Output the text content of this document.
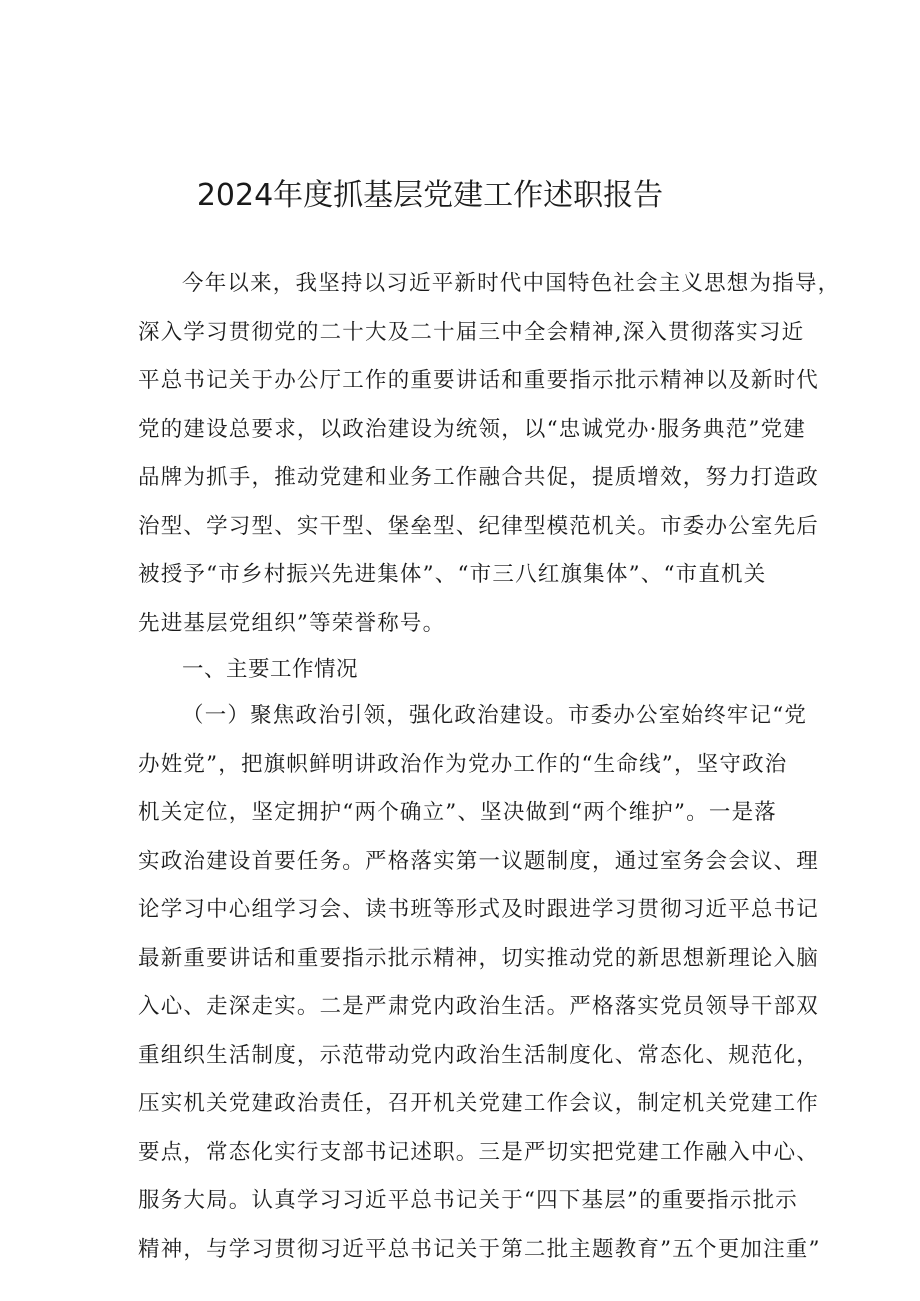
2024年度抓基层党建工作述职报告
今年以来，我坚持以习近平新时代中国特色社会主义思想为指导，
深入学习贯彻党的二十大及二十届三中全会精神,深入贯彻落实习近
平总书记关于办公厅工作的重要讲话和重要指示批示精神以及新时代
党的建设总要求，以政治建设为统领，以“忠诚党办·服务典范”党建
品牌为抓手，推动党建和业务工作融合共促，提质增效，努力打造政
治型、学习型、实干型、堡垒型、纪律型模范机关。市委办公室先后
被授予“市乡村振兴先进集体”、“市三八红旗集体”、“市直机关
先进基层党组织”等荣誉称号。
一、主要工作情况
（一）聚焦政治引领，强化政治建设。市委办公室始终牢记“党
办姓党”，把旗帜鲜明讲政治作为党办工作的“生命线”，坚守政治
机关定位，坚定拥护“两个确立”、坚决做到“两个维护”。一是落
实政治建设首要任务。严格落实第一议题制度，通过室务会会议、理
论学习中心组学习会、读书班等形式及时跟进学习贯彻习近平总书记
最新重要讲话和重要指示批示精神，切实推动党的新思想新理论入脑
入心、走深走实。二是严肃党内政治生活。严格落实党员领导干部双
重组织生活制度，示范带动党内政治生活制度化、常态化、规范化，
压实机关党建政治责任，召开机关党建工作会议，制定机关党建工作
要点，常态化实行支部书记述职。三是严切实把党建工作融入中心、
服务大局。认真学习习近平总书记关于“四下基层”的重要指示批示
精神，与学习贯彻习近平总书记关于第二批主题教育”五个更加注重”
